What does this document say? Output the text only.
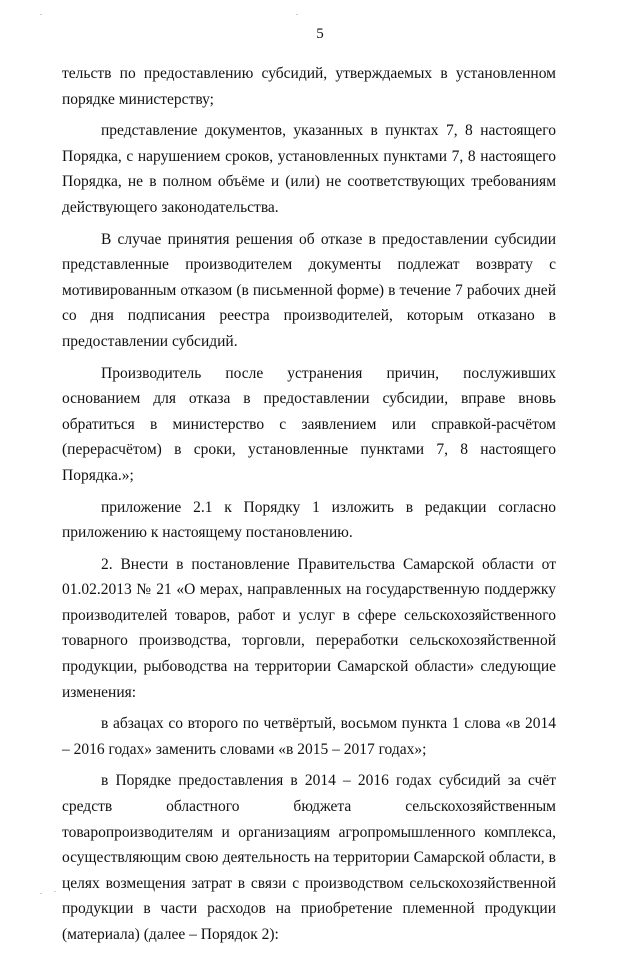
5

тельств по предоставлению субсидий, утверждаемых в установленном порядке министерству;

представление документов, указанных в пунктах 7, 8 настоящего Порядка, с нарушением сроков, установленных пунктами 7, 8 настоящего Порядка, не в полном объёме и (или) не соответствующих требованиям действующего законодательства.

В случае принятия решения об отказе в предоставлении субсидии представленные производителем документы подлежат возврату с мотивированным отказом (в письменной форме) в течение 7 рабочих дней со дня подписания реестра производителей, которым отказано в предоставлении субсидий.

Производитель после устранения причин, послуживших основанием для отказа в предоставлении субсидии, вправе вновь обратиться в министерство с заявлением или справкой-расчётом (перерасчётом) в сроки, установленные пунктами 7, 8 настоящего Порядка.»;

приложение 2.1 к Порядку 1 изложить в редакции согласно приложению к настоящему постановлению.

2. Внести в постановление Правительства Самарской области от 01.02.2013 № 21 «О мерах, направленных на государственную поддержку производителей товаров, работ и услуг в сфере сельскохозяйственного товарного производства, торговли, переработки сельскохозяйственной продукции, рыбоводства на территории Самарской области» следующие изменения:

в абзацах со второго по четвёртый, восьмом пункта 1 слова «в 2014 – 2016 годах» заменить словами «в 2015 – 2017 годах»;

в Порядке предоставления в 2014 – 2016 годах субсидий за счёт средств областного бюджета сельскохозяйственным товаропроизводителям и организациям агропромышленного комплекса, осуществляющим свою деятельность на территории Самарской области, в целях возмещения затрат в связи с производством сельскохозяйственной продукции в части расходов на приобретение племенной продукции (материала) (далее – Порядок 2):
